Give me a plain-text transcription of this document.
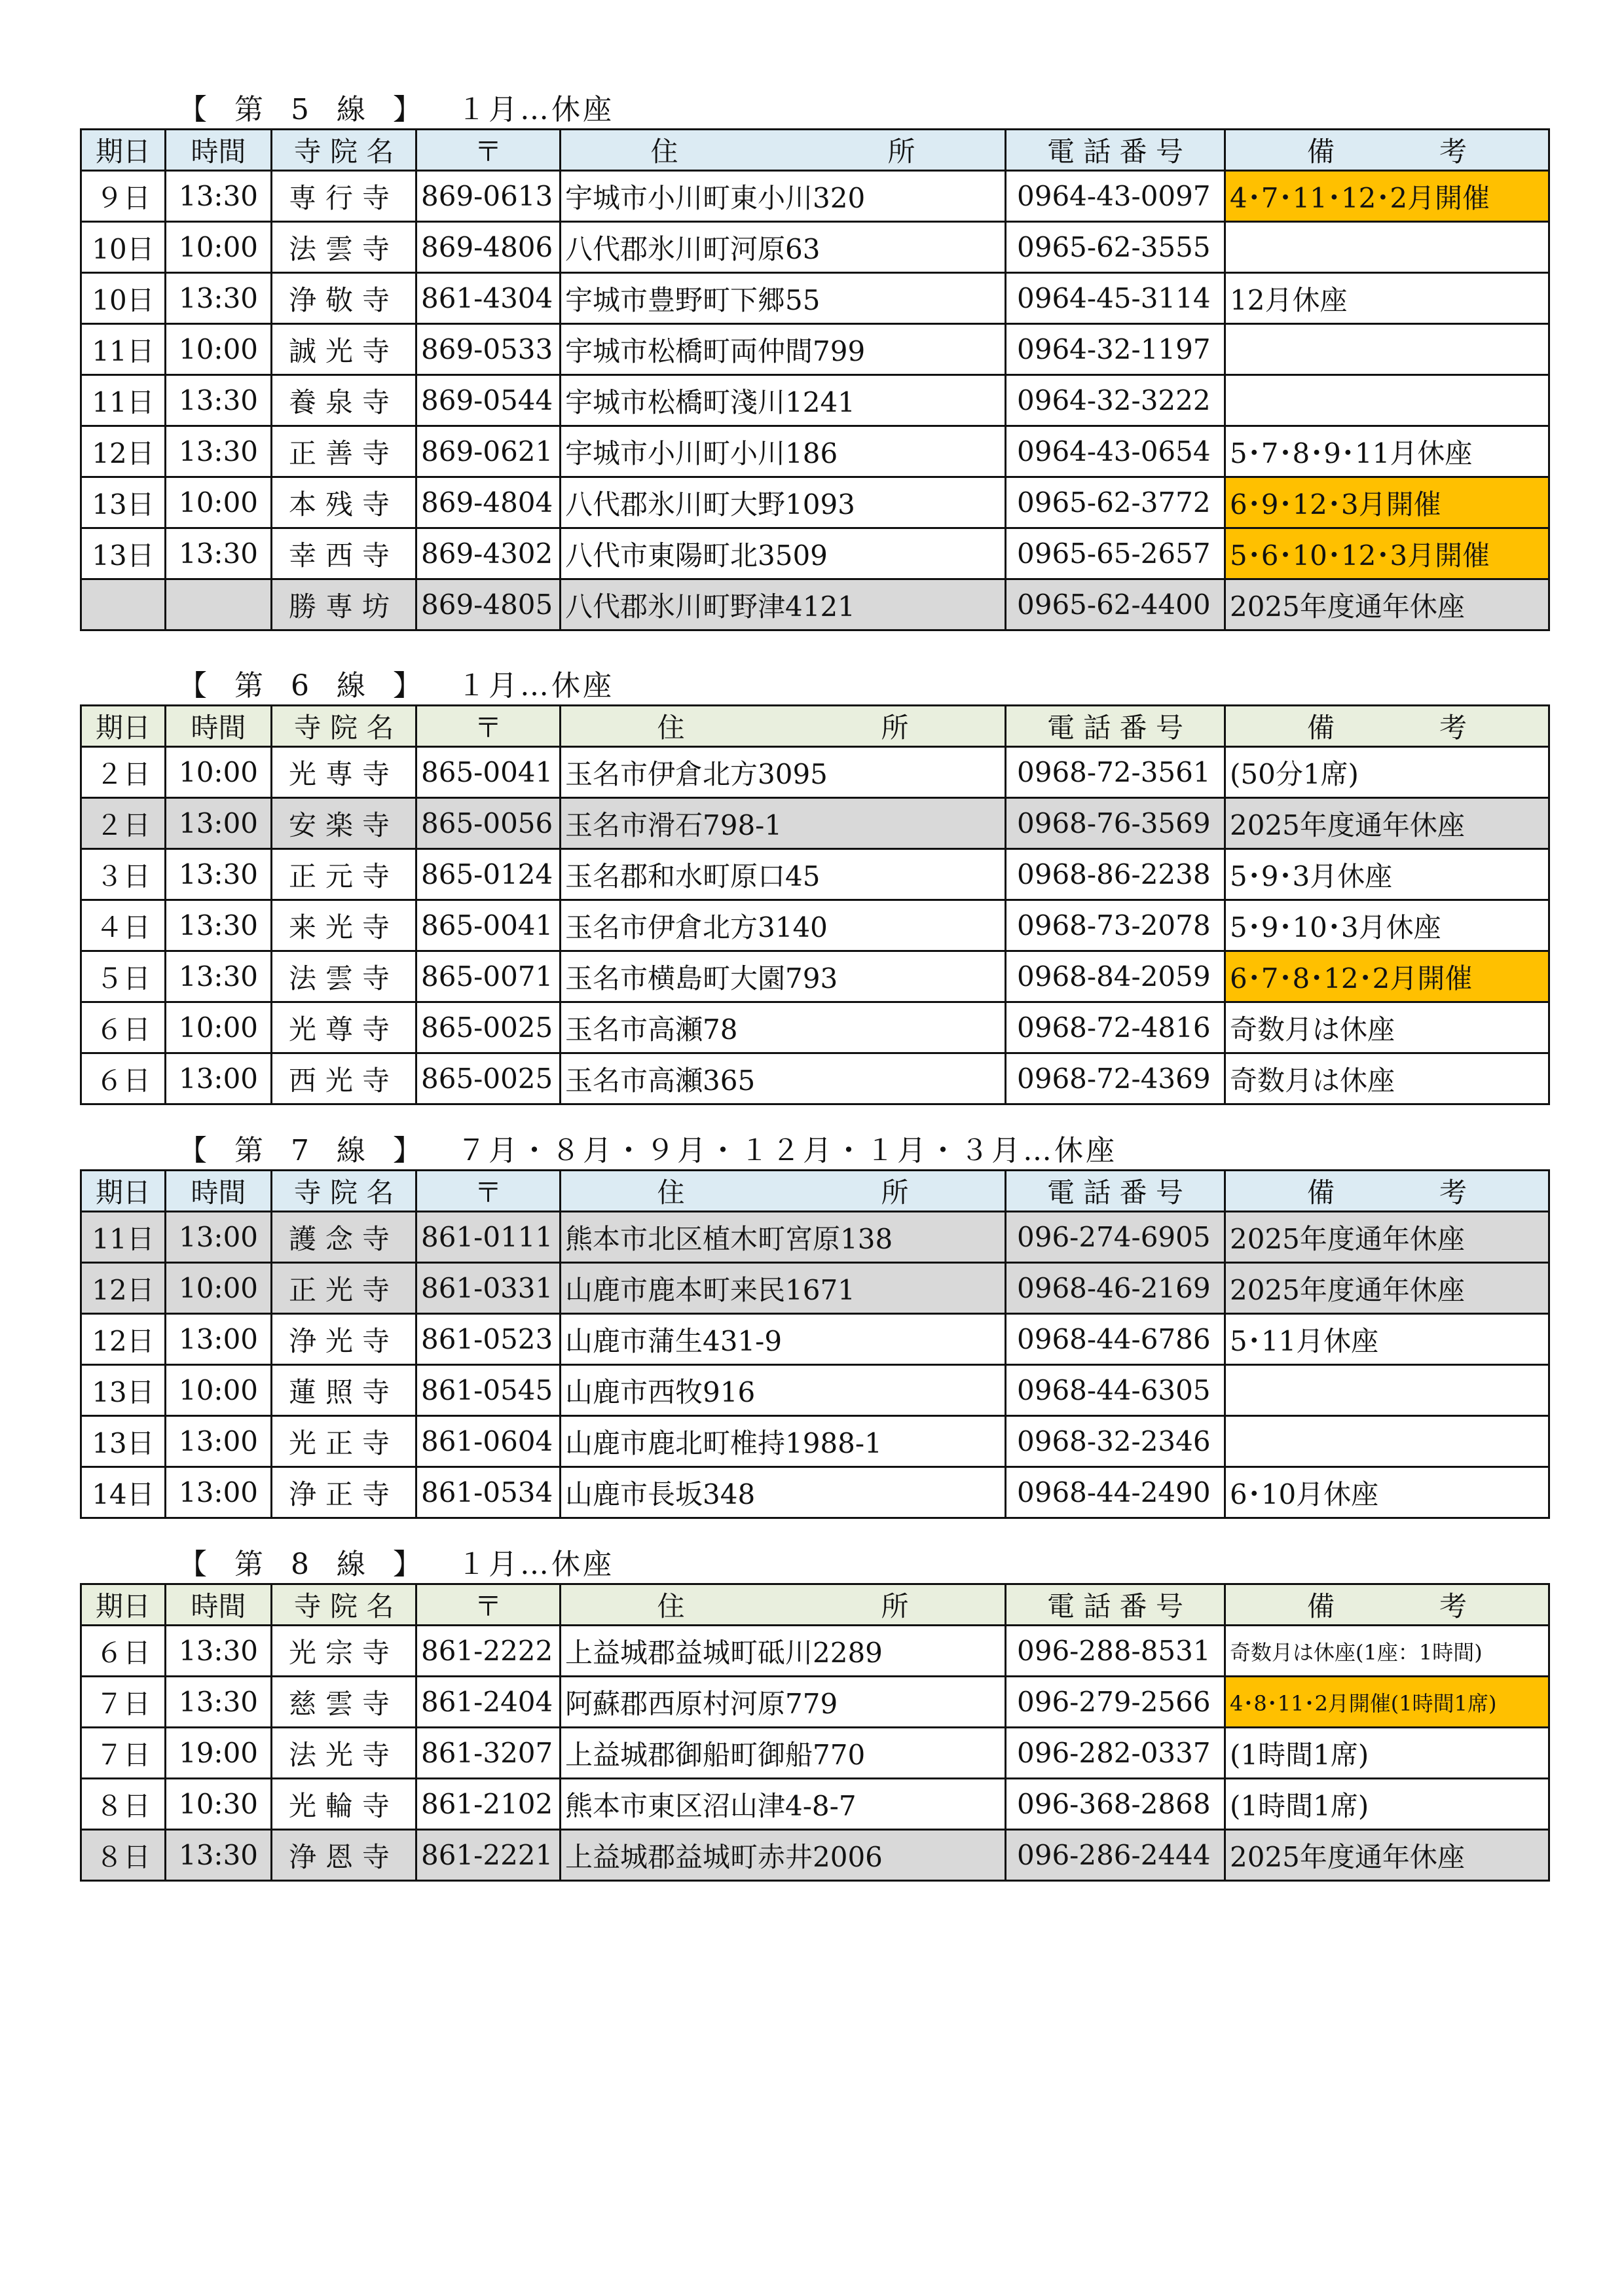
【 第 5 線 】 １月…休座
期日	時間	寺 院 名	〒	住 所	電 話 番 号	備 考
９日	13:30	専行寺	869-0613	宇城市小川町東小川320	0964-43-0097	4･7･11･12･2月開催
10日	10:00	法雲寺	869-4806	八代郡氷川町河原63	0965-62-3555	
10日	13:30	浄敬寺	861-4304	宇城市豊野町下郷55	0964-45-3114	12月休座
11日	10:00	誠光寺	869-0533	宇城市松橋町両仲間799	0964-32-1197	
11日	13:30	養泉寺	869-0544	宇城市松橋町淺川1241	0964-32-3222	
12日	13:30	正善寺	869-0621	宇城市小川町小川186	0964-43-0654	5･7･8･9･11月休座
13日	10:00	本残寺	869-4804	八代郡氷川町大野1093	0965-62-3772	6･9･12･3月開催
13日	13:30	幸西寺	869-4302	八代市東陽町北3509	0965-65-2657	5･6･10･12･3月開催
		勝専坊	869-4805	八代郡氷川町野津4121	0965-62-4400	2025年度通年休座
【 第 6 線 】 １月…休座
期日	時間	寺 院 名	〒	住 所	電 話 番 号	備 考
２日	10:00	光専寺	865-0041	玉名市伊倉北方3095	0968-72-3561	(50分1席)
２日	13:00	安楽寺	865-0056	玉名市滑石798-1	0968-76-3569	2025年度通年休座
３日	13:30	正元寺	865-0124	玉名郡和水町原口45	0968-86-2238	5･9･3月休座
４日	13:30	来光寺	865-0041	玉名市伊倉北方3140	0968-73-2078	5･9･10･3月休座
５日	13:30	法雲寺	865-0071	玉名市横島町大園793	0968-84-2059	6･7･8･12･2月開催
６日	10:00	光尊寺	865-0025	玉名市高瀬78	0968-72-4816	奇数月は休座
６日	13:00	西光寺	865-0025	玉名市高瀬365	0968-72-4369	奇数月は休座
【 第 7 線 】 ７月・８月・９月・１２月・１月・３月…休座
期日	時間	寺 院 名	〒	住 所	電 話 番 号	備 考
11日	13:00	護念寺	861-0111	熊本市北区植木町宮原138	096-274-6905	2025年度通年休座
12日	10:00	正光寺	861-0331	山鹿市鹿本町来民1671	0968-46-2169	2025年度通年休座
12日	13:00	浄光寺	861-0523	山鹿市蒲生431-9	0968-44-6786	5･11月休座
13日	10:00	蓮照寺	861-0545	山鹿市西牧916	0968-44-6305	
13日	13:00	光正寺	861-0604	山鹿市鹿北町椎持1988-1	0968-32-2346	
14日	13:00	浄正寺	861-0534	山鹿市長坂348	0968-44-2490	6･10月休座
【 第 8 線 】 １月…休座
期日	時間	寺 院 名	〒	住 所	電 話 番 号	備 考
６日	13:30	光宗寺	861-2222	上益城郡益城町砥川2289	096-288-8531	奇数月は休座(1座：1時間)
７日	13:30	慈雲寺	861-2404	阿蘇郡西原村河原779	096-279-2566	4･8･11･2月開催(1時間1席)
７日	19:00	法光寺	861-3207	上益城郡御船町御船770	096-282-0337	(1時間1席)
８日	10:30	光輪寺	861-2102	熊本市東区沼山津4-8-7	096-368-2868	(1時間1席)
８日	13:30	浄恩寺	861-2221	上益城郡益城町赤井2006	096-286-2444	2025年度通年休座
